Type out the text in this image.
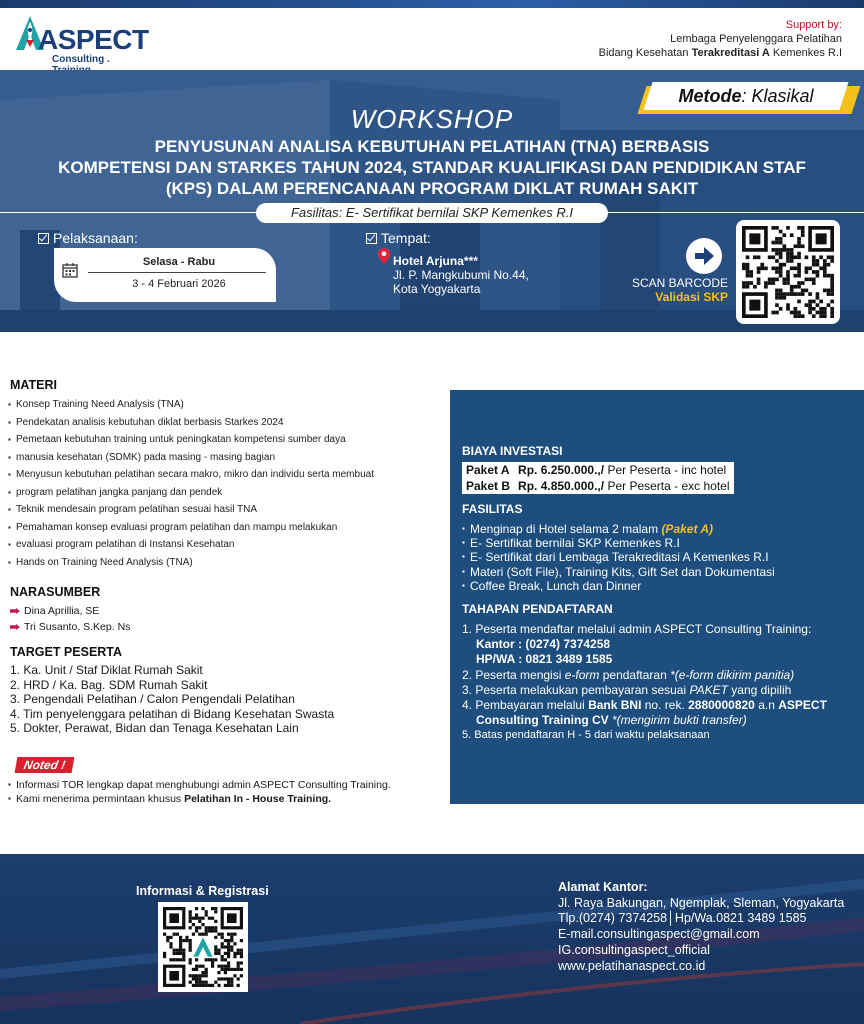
ASPECT
Consulting .
Support by:
Lembaga Penyelenggara Pelatihan
Bidang Kesehatan Terakreditasi A Kemenkes R.I
Metode: Klasikal
WORKSHOP
PENYUSUNAN ANALISA KEBUTUHAN PELATIHAN (TNA) BERBASIS
KOMPETENSI DAN STARKES TAHUN 2024, STANDAR KUALIFIKASI DAN PENDIDIKAN STAF
(KPS) DALAM PERENCANAAN PROGRAM DIKLAT RUMAH SAKIT
Fasilitas: E- Sertifikat bernilai SKP Kemenkes R.I
Pelaksanaan:
Selasa - Rabu
3 - 4 Februari 2026
Tempat:
Hotel Arjuna***
Jl. P. Mangkubumi No.44,
Kota Yogyakarta	SCAN BARCODE
Validasi SKP
MATERI
▪ Konsep Training Need Analysis (TNA)
▪ Pendekatan analisis kebutuhan diklat berbasis Starkes 2024
▪ Pemetaan kebutuhan training untuk peningkatan kompetensi sumber daya
▪ manusia kesehatan (SDMK) pada masing - masing bagian
▪ Menyusun kebutuhan pelatihan secara makro, mikro dan individu serta membuat
▪ program pelatihan jangka panjang dan pendek
▪ Teknik mendesain program pelatihan sesuai hasil TNA
▪ Pemahaman konsep evaluasi program pelatihan dan mampu melakukan
▪ evaluasi program pelatihan di Instansi Kesehatan
▪ Hands on Training Need Analysis (TNA)
NARASUMBER
Dina Aprillia, SE
Tri Susanto, S.Kep. Ns
TARGET PESERTA
1. Ka. Unit / Staf Diklat Rumah Sakit
2. HRD / Ka. Bag. SDM Rumah Sakit
3. Pengendali Pelatihan / Calon Pengendali Pelatihan
4. Tim penyelenggara pelatihan di Bidang Kesehatan Swasta
5. Dokter, Perawat, Bidan dan Tenaga Kesehatan Lain
Noted !
▪ Informasi TOR lengkap dapat menghubungi admin ASPECT Consulting Training.
▪ Kami menerima permintaan khusus Pelatihan In - House Training.
BIAYA INVESTASI
Paket A	Rp. 6.250.000.,/ Per Peserta - inc hotel
Paket B	Rp. 4.850.000.,/ Per Peserta - exc hotel
FASILITAS
▪ Menginap di Hotel selama 2 malam (Paket A)
▪ E- Sertifikat bernilai SKP Kemenkes R.I
▪ E- Sertifikat dari Lembaga Terakreditasi A Kemenkes R.I
▪ Materi (Soft File), Training Kits, Gift Set dan Dokumentasi
▪ Coffee Break, Lunch dan Dinner
TAHAPAN PENDAFTARAN
1. Peserta mendaftar melalui admin ASPECT Consulting Training:
Kantor : (0274) 7374258
HP/WA : 0821 3489 1585
2. Peserta mengisi e-form pendaftaran *(e-form dikirim panitia)
3. Peserta melakukan pembayaran sesuai PAKET yang dipilih
4. Pembayaran melalui Bank BNI no. rek. 2880000820 a.n ASPECT Consulting Training CV *(mengirim bukti transfer)
5. Batas pendaftaran H - 5 dari waktu pelaksanaan
Informasi & Registrasi	Alamat Kantor:
Jl. Raya Bakungan, Ngemplak, Sleman, Yogyakarta
Tlp.(0274) 7374258│Hp/Wa.0821 3489 1585
E-mail.consultingaspect@gmail.com
IG.consultingaspect_official
www.pelatihanaspect.co.id
